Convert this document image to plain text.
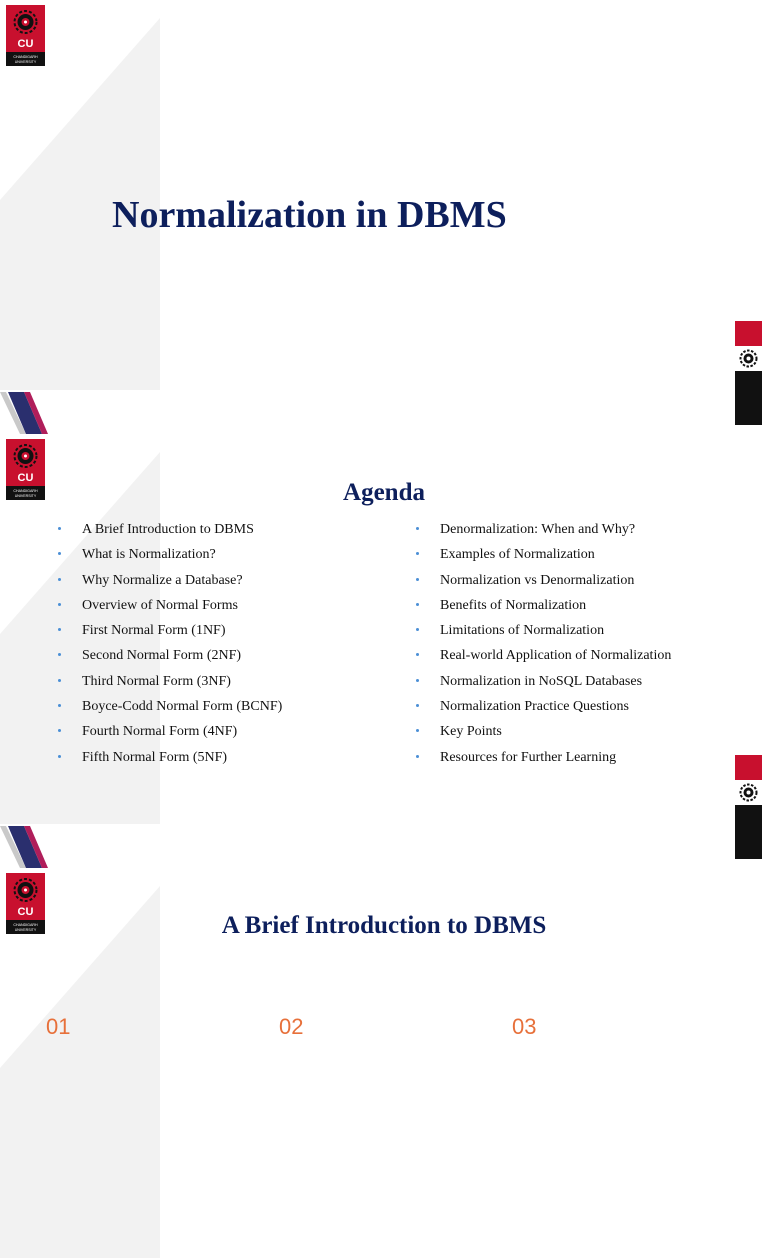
CU
CHANDIGARH
UNIVERSITY
Normalization in DBMS
CU
CHANDIGARH
UNIVERSITY	Agenda
A Brief Introduction to DBMS
What is Normalization?
Why Normalize a Database?
Overview of Normal Forms
First Normal Form (1NF)
Second Normal Form (2NF)
Third Normal Form (3NF)
Boyce-Codd Normal Form (BCNF)
Fourth Normal Form (4NF)
Fifth Normal Form (5NF)
Denormalization: When and Why?
Examples of Normalization
Normalization vs Denormalization
Benefits of Normalization
Limitations of Normalization
Real-world Application of Normalization
Normalization in NoSQL Databases
Normalization Practice Questions
Key Points
Resources for Further Learning
CU
CHANDIGARH
UNIVERSITY	A Brief Introduction to DBMS
01	02	03
